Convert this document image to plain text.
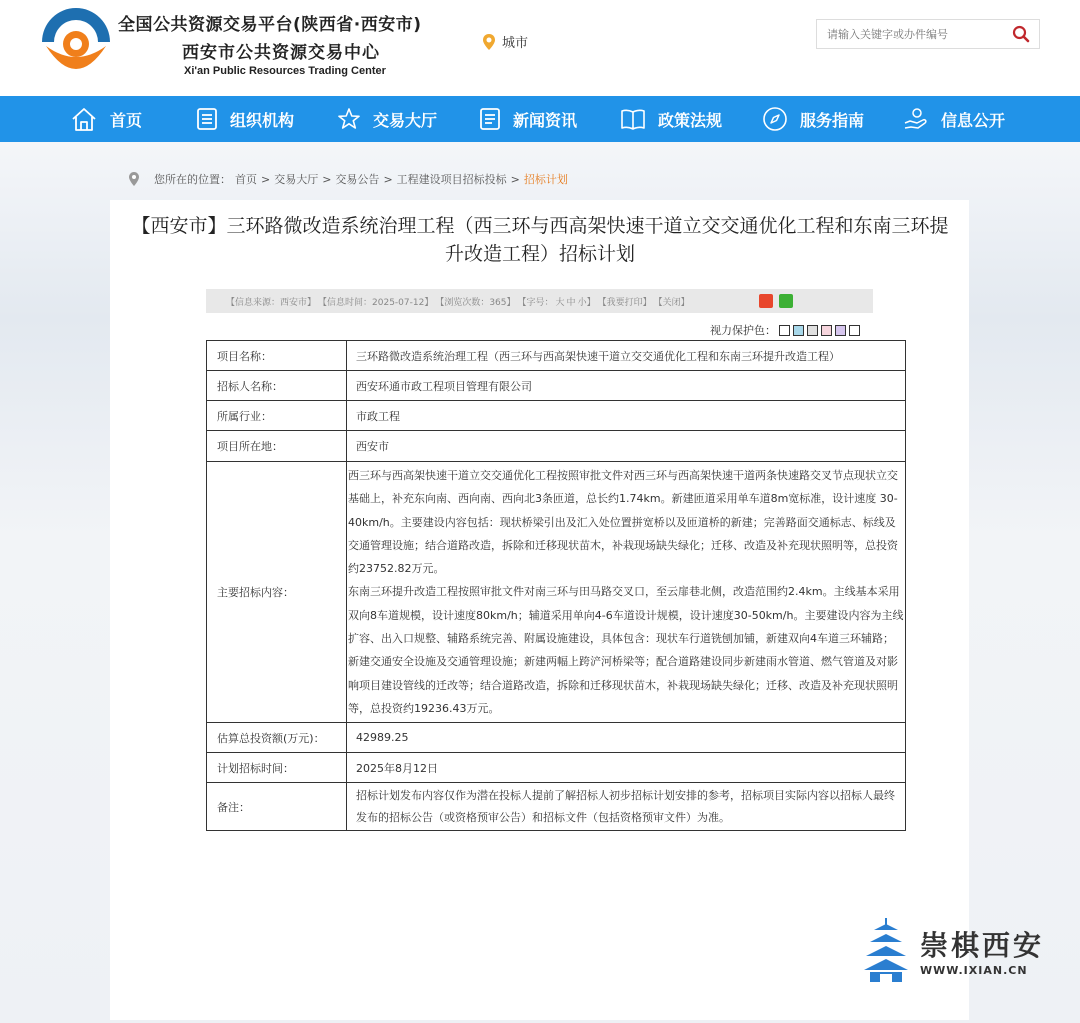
全国公共资源交易平台(陕西省·西安市)
西安市公共资源交易中心
Xi'an Public Resources Trading Center
城市
请输入关键字或办件编号
首页	组织机构	交易大厅	新闻资讯	政策法规	服务指南	信息公开
您所在的位置： 首页 > 交易大厅 > 交易公告 > 工程建设项目招标投标 > 招标计划
【西安市】三环路微改造系统治理工程（西三环与西高架快速干道立交交通优化工程和东南三环提升改造工程）招标计划
【信息来源：西安市】 【信息时间：2025-07-12】 【浏览次数：365】 【字号： 大 中 小】 【我要打印】 【关闭】
视力保护色：
项目名称：	三环路微改造系统治理工程（西三环与西高架快速干道立交交通优化工程和东南三环提升改造工程）
招标人名称：	西安环通市政工程项目管理有限公司
所属行业：	市政工程
项目所在地：	西安市
主要招标内容：	西三环与西高架快速干道立交交通优化工程按照审批文件对西三环与西高架快速干道两条快速路交叉节点现状立交基础上，补充东向南、西向南、西向北3条匝道，总长约1.74km。新建匝道采用单车道8m宽标准，设计速度 30-40km/h。主要建设内容包括：现状桥梁引出及汇入处位置拼宽桥以及匝道桥的新建；完善路面交通标志、标线及交通管理设施；结合道路改造，拆除和迁移现状苗木，补栽现场缺失绿化；迁移、改造及补充现状照明等，总投资约23752.82万元。
东南三环提升改造工程按照审批文件对南三环与田马路交叉口，至云扉巷北侧，改造范围约2.4km。主线基本采用双向8车道规模，设计速度80km/h；辅道采用单向4-6车道设计规模，设计速度30-50km/h。主要建设内容为主线扩容、出入口规整、辅路系统完善、附属设施建设，具体包含：现状车行道铣刨加铺，新建双向4车道三环辅路；新建交通安全设施及交通管理设施；新建两幅上跨浐河桥梁等；配合道路建设同步新建雨水管道、燃气管道及对影响项目建设管线的迁改等；结合道路改造，拆除和迁移现状苗木，补栽现场缺失绿化；迁移、改造及补充现状照明等，总投资约19236.43万元。

估算总投资额(万元)：	42989.25
计划招标时间：	2025年8月12日
备注：	招标计划发布内容仅作为潜在投标人提前了解招标人初步招标计划安排的参考，招标项目实际内容以招标人最终发布的招标公告（或资格预审公告）和招标文件（包括资格预审文件）为准。
崇棋西安
WWW.IXIAN.CN
